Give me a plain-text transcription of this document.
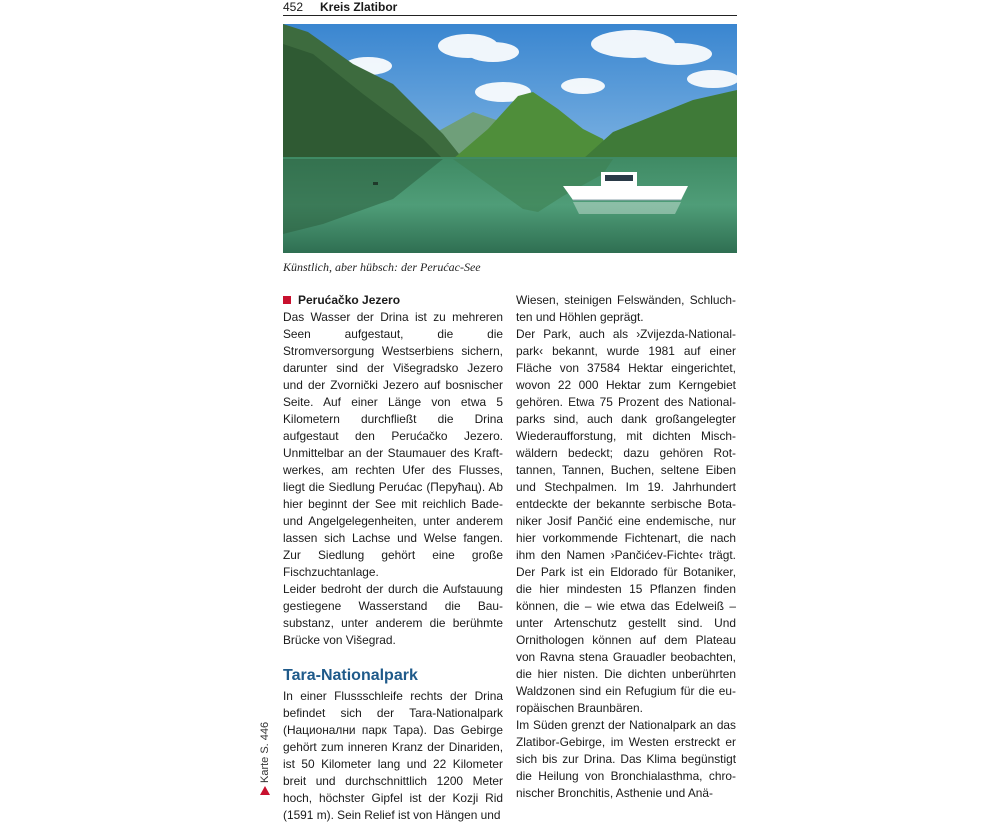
452 Kreis Zlatibor
Künstlich, aber hübsch: der Perućac-See
Perućačko Jezero

Das Wasser der Drina ist zu mehreren Seen aufgestaut, die die Stromversorgung Westserbiens sichern, darunter sind der Višegradsko Jezero und der Zvornički Jezero auf bosnischer Seite. Auf einer Länge von etwa 5 Kilometern durchfließt die Drina aufgestaut den Perućačko Jezero. Unmittelbar an der Staumauer des Kraftwerkes, am rechten Ufer des Flusses, liegt die Siedlung Perućac (Перућац). Ab hier beginnt der See mit reichlich Bade- und Angelgelegenheiten, unter anderem lassen sich Lachse und Welse fangen. Zur Siedlung gehört eine große Fischzuchtanlage.

Leider bedroht der durch die Aufstauung gestiegene Wasserstand die Bausubstanz, unter anderem die berühmte Brücke von Višegrad.

Tara-Nationalpark

In einer Flussschleife rechts der Drina befindet sich der Tara-Nationalpark (Национални парк Тара). Das Gebirge gehört zum inneren Kranz der Dinariden, ist 50 Kilometer lang und 22 Kilometer breit und durchschnittlich 1200 Meter hoch, höchster Gipfel ist der Kozji Rid (1591 m). Sein Relief ist von Hängen und

Wiesen, steinigen Felswänden, Schluchten und Höhlen geprägt.

Der Park, auch als ›Zvijezda-Nationalpark‹ bekannt, wurde 1981 auf einer Fläche von 37584 Hektar eingerichtet, wovon 22 000 Hektar zum Kerngebiet gehören. Etwa 75 Prozent des Nationalparks sind, auch dank großangelegter Wiederaufforstung, mit dichten Mischwäldern bedeckt; dazu gehören Rottannen, Tannen, Buchen, seltene Eiben und Stechpalmen. Im 19. Jahrhundert entdeckte der bekannte serbische Botaniker Josif Pančić eine endemische, nur hier vorkommende Fichtenart, die nach ihm den Namen ›Pančićev-Fichte‹ trägt. Der Park ist ein Eldorado für Botaniker, die hier mindesten 15 Pflanzen finden können, die – wie etwa das Edelweiß – unter Artenschutz gestellt sind. Und Ornithologen können auf dem Plateau von Ravna stena Grauadler beobachten, die hier nisten. Die dichten unberührten Waldzonen sind ein Refugium für die europäischen Braunbären.

Im Süden grenzt der Nationalpark an das Zlatibor-Gebirge, im Westen erstreckt er sich bis zur Drina. Das Klima begünstigt die Heilung von Bronchialasthma, chronischer Bronchitis, Asthenie und Anä-

Karte S. 446
